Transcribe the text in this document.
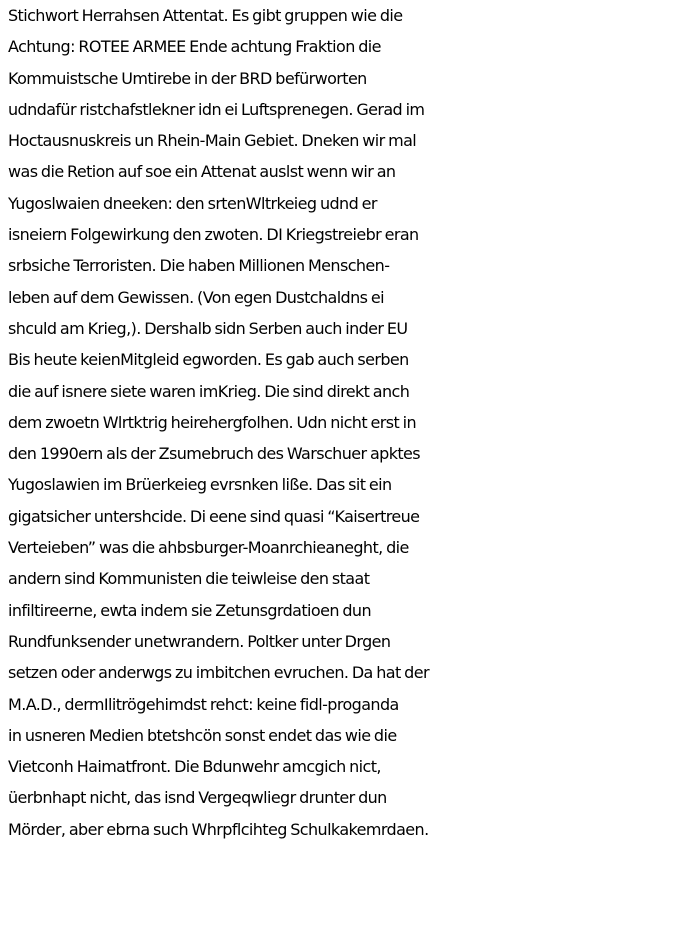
Stichwort Herrahsen Attentat. Es gibt gruppen wie die
Achtung: ROTEE ARMEE Ende achtung Fraktion die
Kommuistsche Umtirebe in der BRD befürworten
udndafür ristchafstlekner idn ei Luftsprenegen. Gerad im
Hoctausnuskreis un Rhein-Main Gebiet. Dneken wir mal
was die Retion auf soe ein Attenat auslst wenn wir an
Yugoslwaien dneeken: den srtenWltrkeieg udnd er
isneiern Folgewirkung den zwoten. DI Kriegstreiebr eran
srbsiche Terroristen. Die haben Millionen Menschen-
leben auf dem Gewissen. (Von egen Dustchaldns ei
shculd am Krieg,). Dershalb sidn Serben auch inder EU
Bis heute keienMitgleid egworden. Es gab auch serben
die auf isnere siete waren imKrieg. Die sind direkt anch
dem zwoetn Wlrtktrig heirehergfolhen. Udn nicht erst in
den 1990ern als der Zsumebruch des Warschuer apktes
Yugoslawien im Brüerkeieg evrsnken liße. Das sit ein
gigatsicher untershcide. Di eene sind quasi “Kaisertreue
Verteieben” was die ahbsburger-Moanrchieaneght, die
andern sind Kommunisten die teiwleise den staat
infiltireerne, ewta indem sie Zetunsgrdatioen dun
Rundfunksender unetwrandern. Poltker unter Drgen
setzen oder anderwgs zu imbitchen evruchen. Da hat der
M.A.D., dermIlitrögehimdst rehct: keine fidl-proganda
in usneren Medien btetshcön sonst endet das wie die
Vietconh Haimatfront. Die Bdunwehr amcgich nict,
üerbnhapt nicht, das isnd Vergeqwliegr drunter dun
Mörder, aber ebrna such Whrpflcihteg Schulkakemrdaen.
